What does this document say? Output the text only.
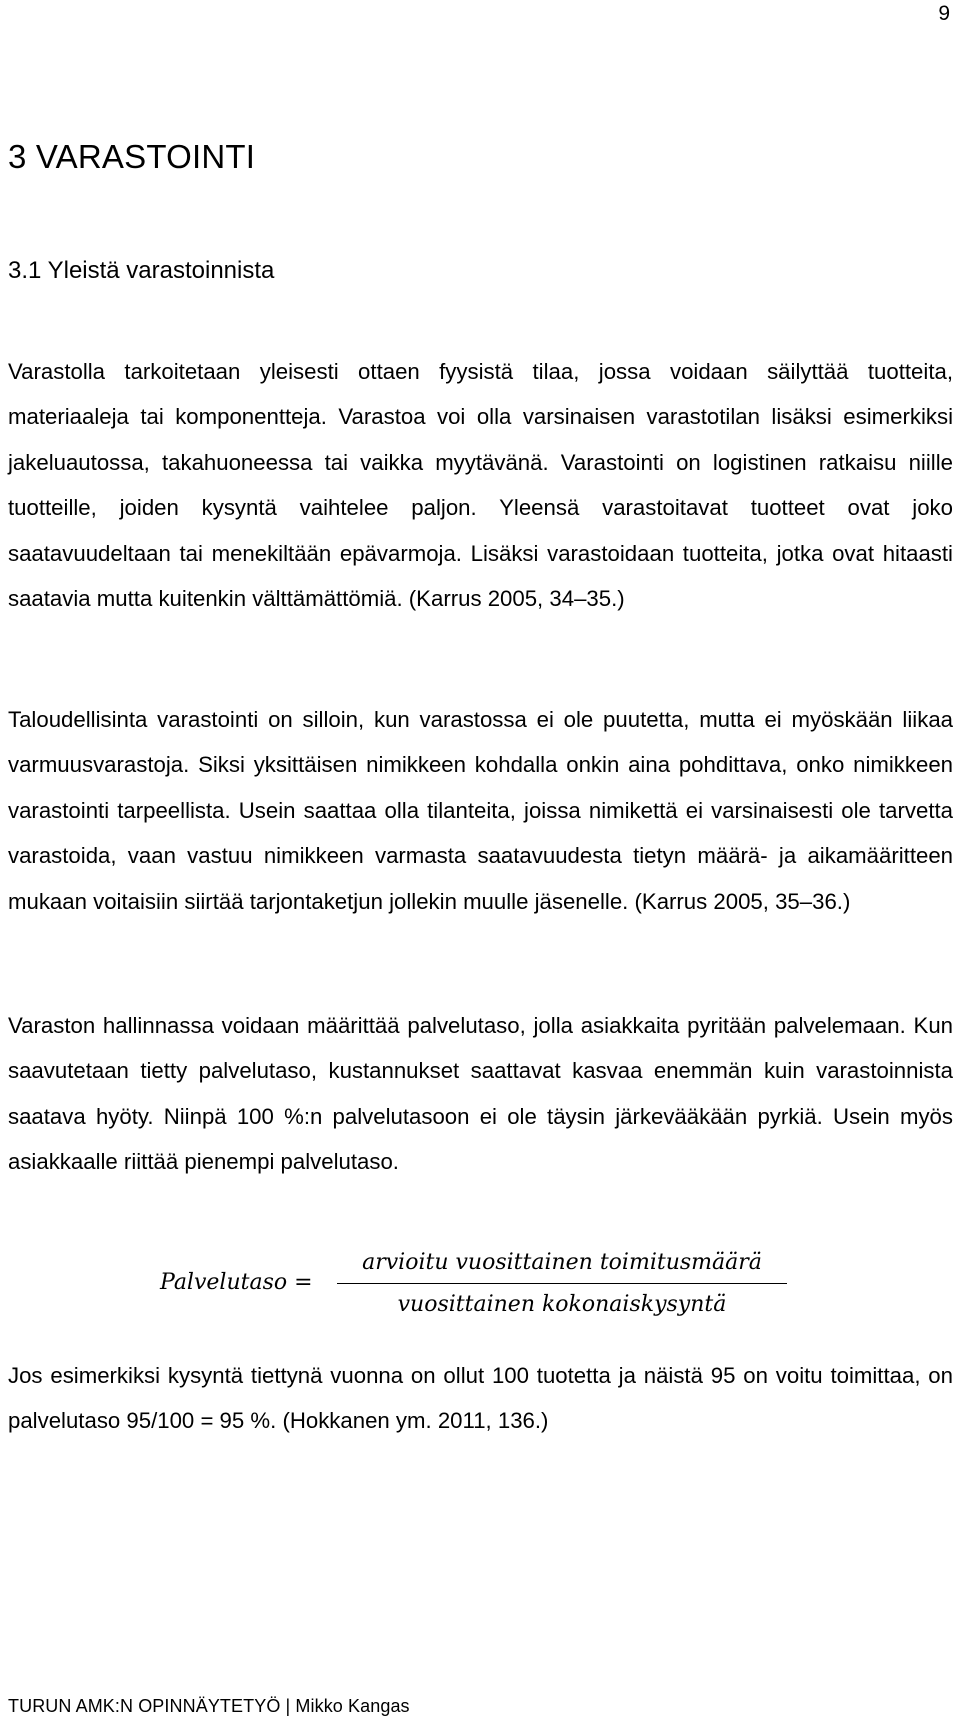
9
3 VARASTOINTI
3.1 Yleistä varastoinnista

Varastolla tarkoitetaan yleisesti ottaen fyysistä tilaa, jossa voidaan säilyttää tuotteita, materiaaleja tai komponentteja. Varastoa voi olla varsinaisen varastotilan lisäksi esimerkiksi jakeluautossa, takahuoneessa tai vaikka myytävänä. Varastointi on logistinen ratkaisu niille tuotteille, joiden kysyntä vaihtelee paljon. Yleensä varastoitavat tuotteet ovat joko saatavuudeltaan tai menekiltään epävarmoja. Lisäksi varastoidaan tuotteita, jotka ovat hitaasti saatavia mutta kuitenkin välttämättömiä. (Karrus 2005, 34–35.)

Taloudellisinta varastointi on silloin, kun varastossa ei ole puutetta, mutta ei myöskään liikaa varmuusvarastoja. Siksi yksittäisen nimikkeen kohdalla onkin aina pohdittava, onko nimikkeen varastointi tarpeellista. Usein saattaa olla tilanteita, joissa nimikettä ei varsinaisesti ole tarvetta varastoida, vaan vastuu nimikkeen varmasta saatavuudesta tietyn määrä- ja aikamääritteen mukaan voitaisiin siirtää tarjontaketjun jollekin muulle jäsenelle. (Karrus 2005, 35–36.)

Varaston hallinnassa voidaan määrittää palvelutaso, jolla asiakkaita pyritään palvelemaan. Kun saavutetaan tietty palvelutaso, kustannukset saattavat kasvaa enemmän kuin varastoinnista saatava hyöty. Niinpä 100 %:n palvelutasoon ei ole täysin järkevääkään pyrkiä. Usein myös asiakkaalle riittää pienempi palvelutaso.

Palvelutaso =
arvioitu vuosittainen toimitusmäärä
vuosittainen kokonaiskysyntä

Jos esimerkiksi kysyntä tiettynä vuonna on ollut 100 tuotetta ja näistä 95 on voitu toimittaa, on palvelutaso 95/100 = 95 %. (Hokkanen ym. 2011, 136.)

TURUN AMK:N OPINNÄYTETYÖ | Mikko Kangas
